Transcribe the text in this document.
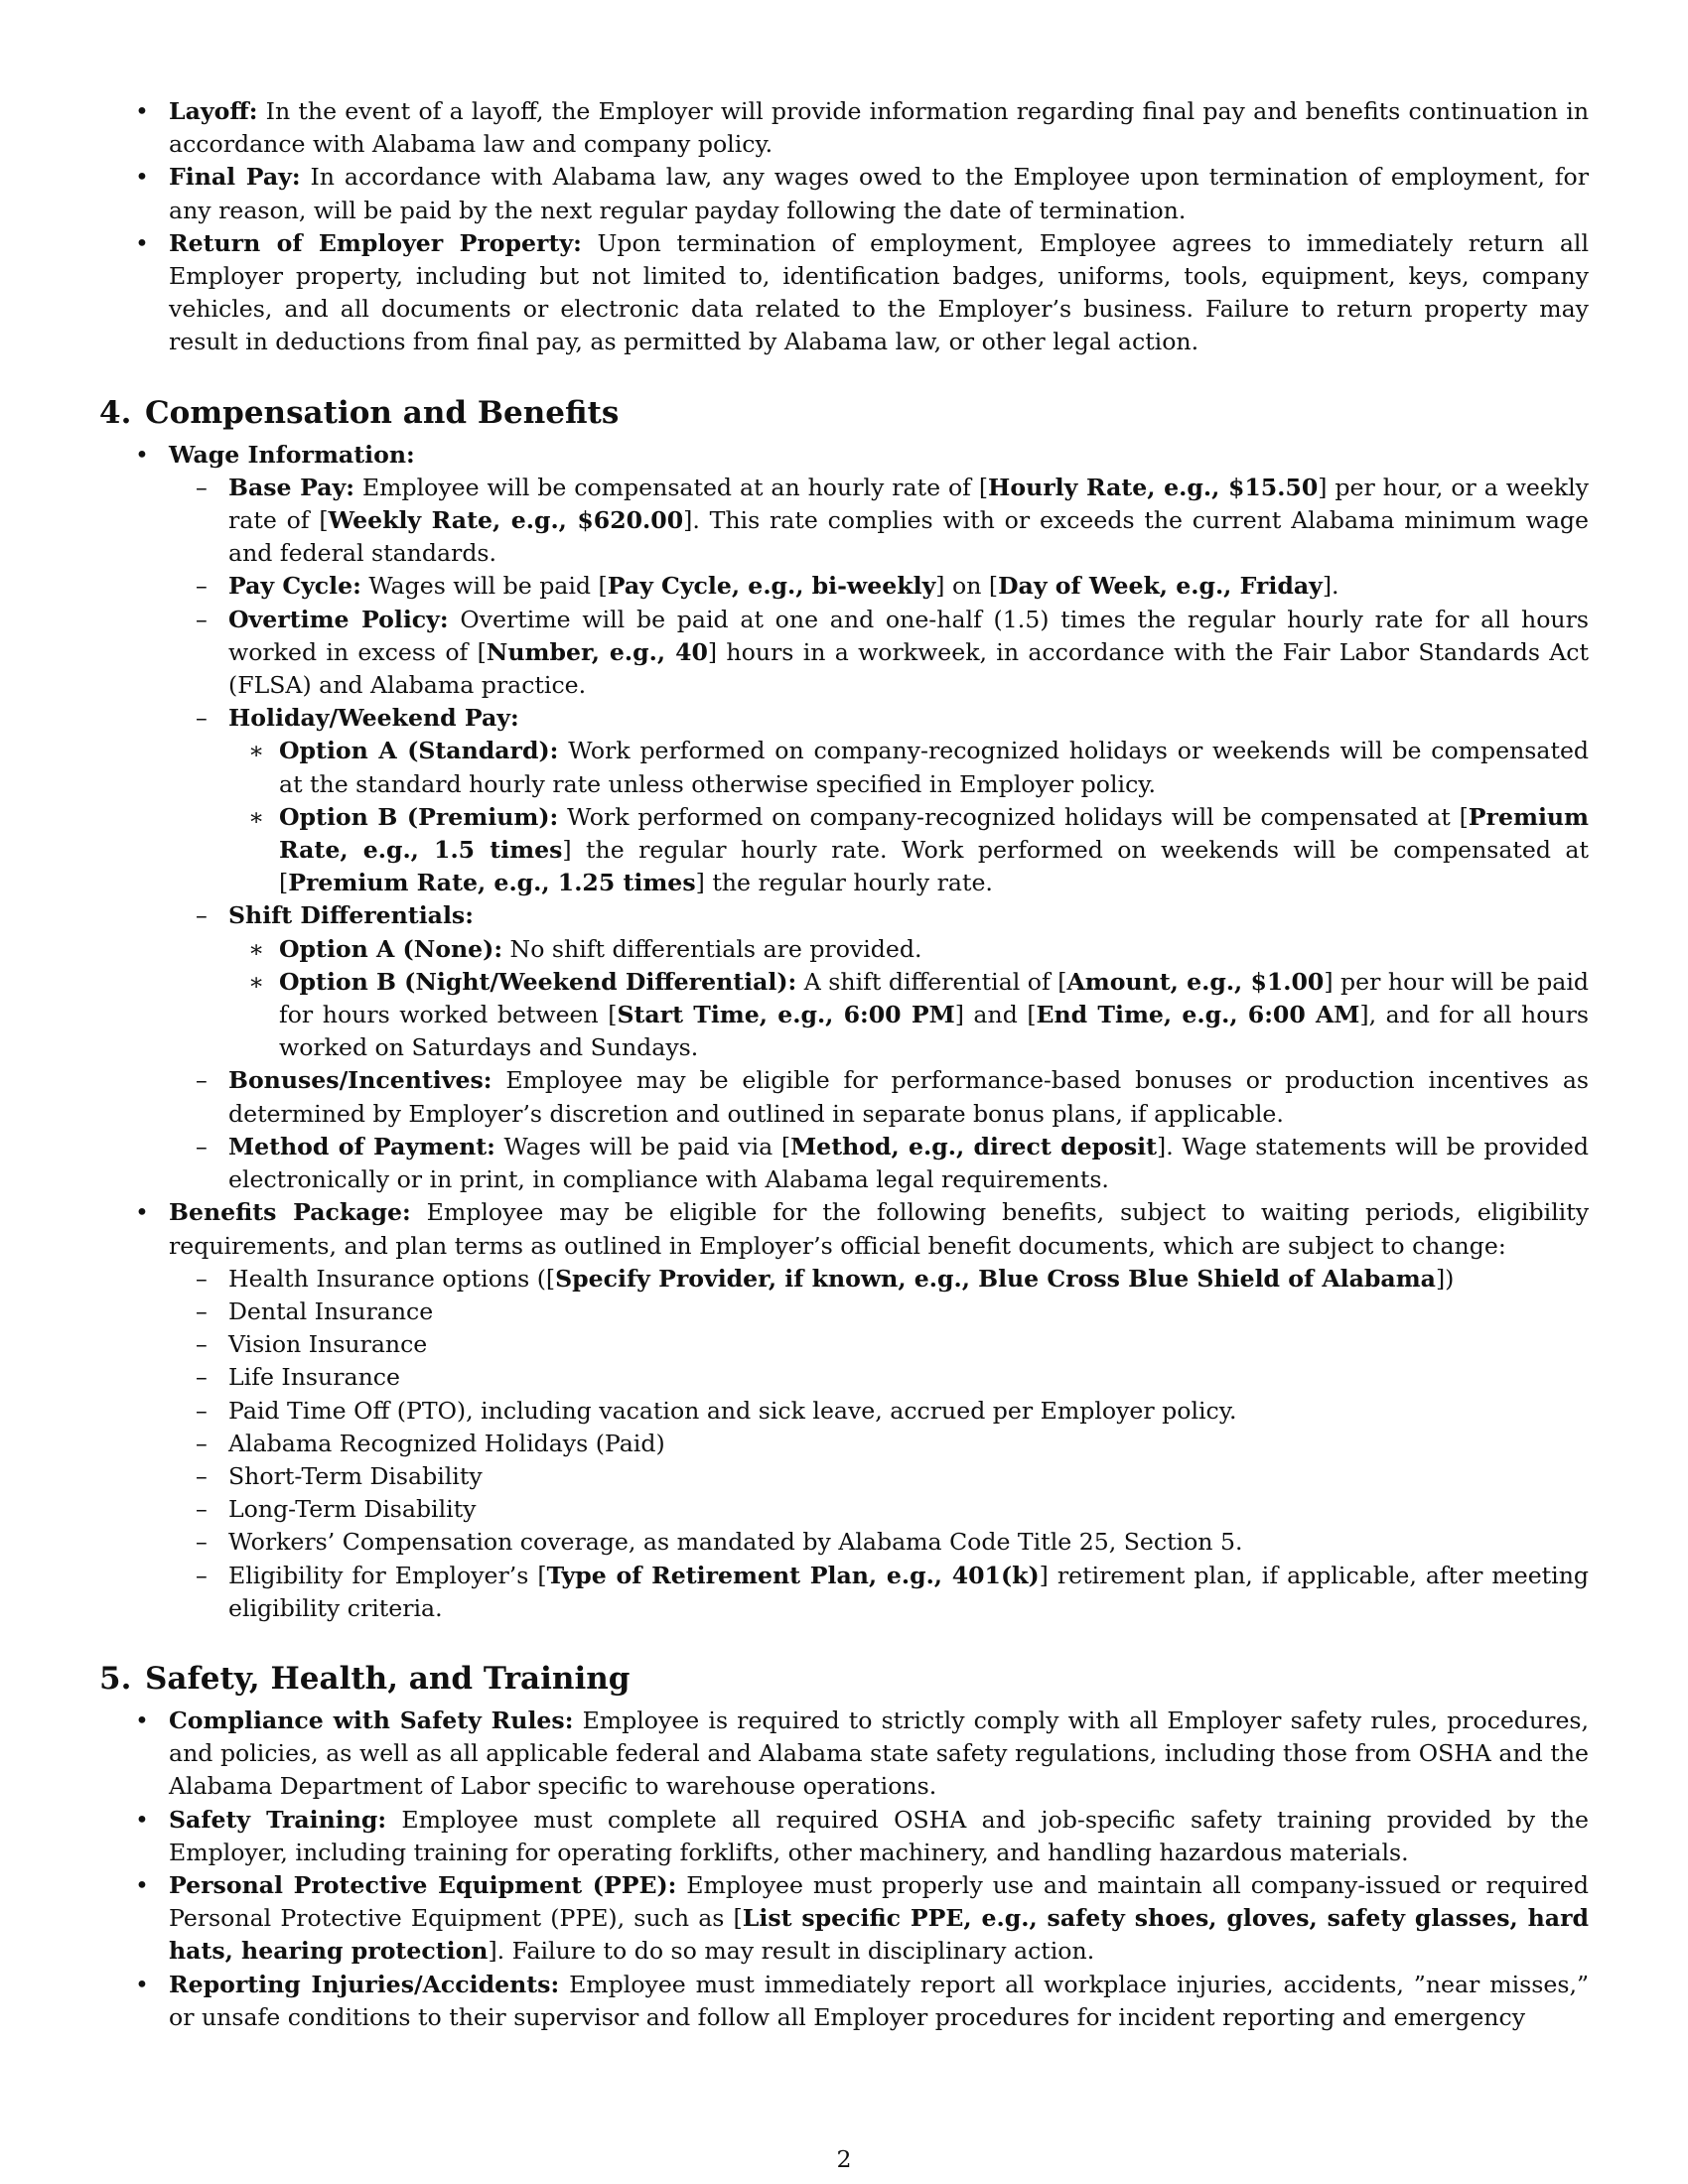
• Layoff: In the event of a layoff, the Employer will provide information regarding final pay and benefits continuation in accordance with Alabama law and company policy.
• Final Pay: In accordance with Alabama law, any wages owed to the Employee upon termination of employment, for any reason, will be paid by the next regular payday following the date of termination.
• Return of Employer Property: Upon termination of employment, Employee agrees to immediately return all Employer property, including but not limited to, identification badges, uniforms, tools, equipment, keys, company vehicles, and all documents or electronic data related to the Employer’s business. Failure to return property may result in deductions from final pay, as permitted by Alabama law, or other legal action.
4. Compensation and Benefits
• Wage Information:
– Base Pay: Employee will be compensated at an hourly rate of [Hourly Rate, e.g., $15.50] per hour, or a weekly rate of [Weekly Rate, e.g., $620.00]. This rate complies with or exceeds the current Alabama minimum wage and federal standards.
– Pay Cycle: Wages will be paid [Pay Cycle, e.g., bi-weekly] on [Day of Week, e.g., Friday].
– Overtime Policy: Overtime will be paid at one and one-half (1.5) times the regular hourly rate for all hours worked in excess of [Number, e.g., 40] hours in a workweek, in accordance with the Fair Labor Standards Act (FLSA) and Alabama practice.
– Holiday/Weekend Pay:
∗ Option A (Standard): Work performed on company-recognized holidays or weekends will be compensated at the standard hourly rate unless otherwise specified in Employer policy.
∗ Option B (Premium): Work performed on company-recognized holidays will be compensated at [Premium Rate, e.g., 1.5 times] the regular hourly rate. Work performed on weekends will be compensated at [Premium Rate, e.g., 1.25 times] the regular hourly rate.
– Shift Differentials:
∗ Option A (None): No shift differentials are provided.
∗ Option B (Night/Weekend Differential): A shift differential of [Amount, e.g., $1.00] per hour will be paid for hours worked between [Start Time, e.g., 6:00 PM] and [End Time, e.g., 6:00 AM], and for all hours worked on Saturdays and Sundays.
– Bonuses/Incentives: Employee may be eligible for performance-based bonuses or production incentives as determined by Employer’s discretion and outlined in separate bonus plans, if applicable.
– Method of Payment: Wages will be paid via [Method, e.g., direct deposit]. Wage statements will be provided electronically or in print, in compliance with Alabama legal requirements.
• Benefits Package: Employee may be eligible for the following benefits, subject to waiting periods, eligibility requirements, and plan terms as outlined in Employer’s official benefit documents, which are subject to change:
– Health Insurance options ([Specify Provider, if known, e.g., Blue Cross Blue Shield of Alabama])
– Dental Insurance
– Vision Insurance
– Life Insurance
– Paid Time Off (PTO), including vacation and sick leave, accrued per Employer policy.
– Alabama Recognized Holidays (Paid)
– Short-Term Disability
– Long-Term Disability
– Workers’ Compensation coverage, as mandated by Alabama Code Title 25, Section 5.
– Eligibility for Employer’s [Type of Retirement Plan, e.g., 401(k)] retirement plan, if applicable, after meeting eligibility criteria.
5. Safety, Health, and Training
• Compliance with Safety Rules: Employee is required to strictly comply with all Employer safety rules, procedures, and policies, as well as all applicable federal and Alabama state safety regulations, including those from OSHA and the Alabama Department of Labor specific to warehouse operations.
• Safety Training: Employee must complete all required OSHA and job-specific safety training provided by the Employer, including training for operating forklifts, other machinery, and handling hazardous materials.
• Personal Protective Equipment (PPE): Employee must properly use and maintain all company-issued or required Personal Protective Equipment (PPE), such as [List specific PPE, e.g., safety shoes, gloves, safety glasses, hard hats, hearing protection]. Failure to do so may result in disciplinary action.
• Reporting Injuries/Accidents: Employee must immediately report all workplace injuries, accidents, ”near misses,” or unsafe conditions to their supervisor and follow all Employer procedures for incident reporting and emergency
2
